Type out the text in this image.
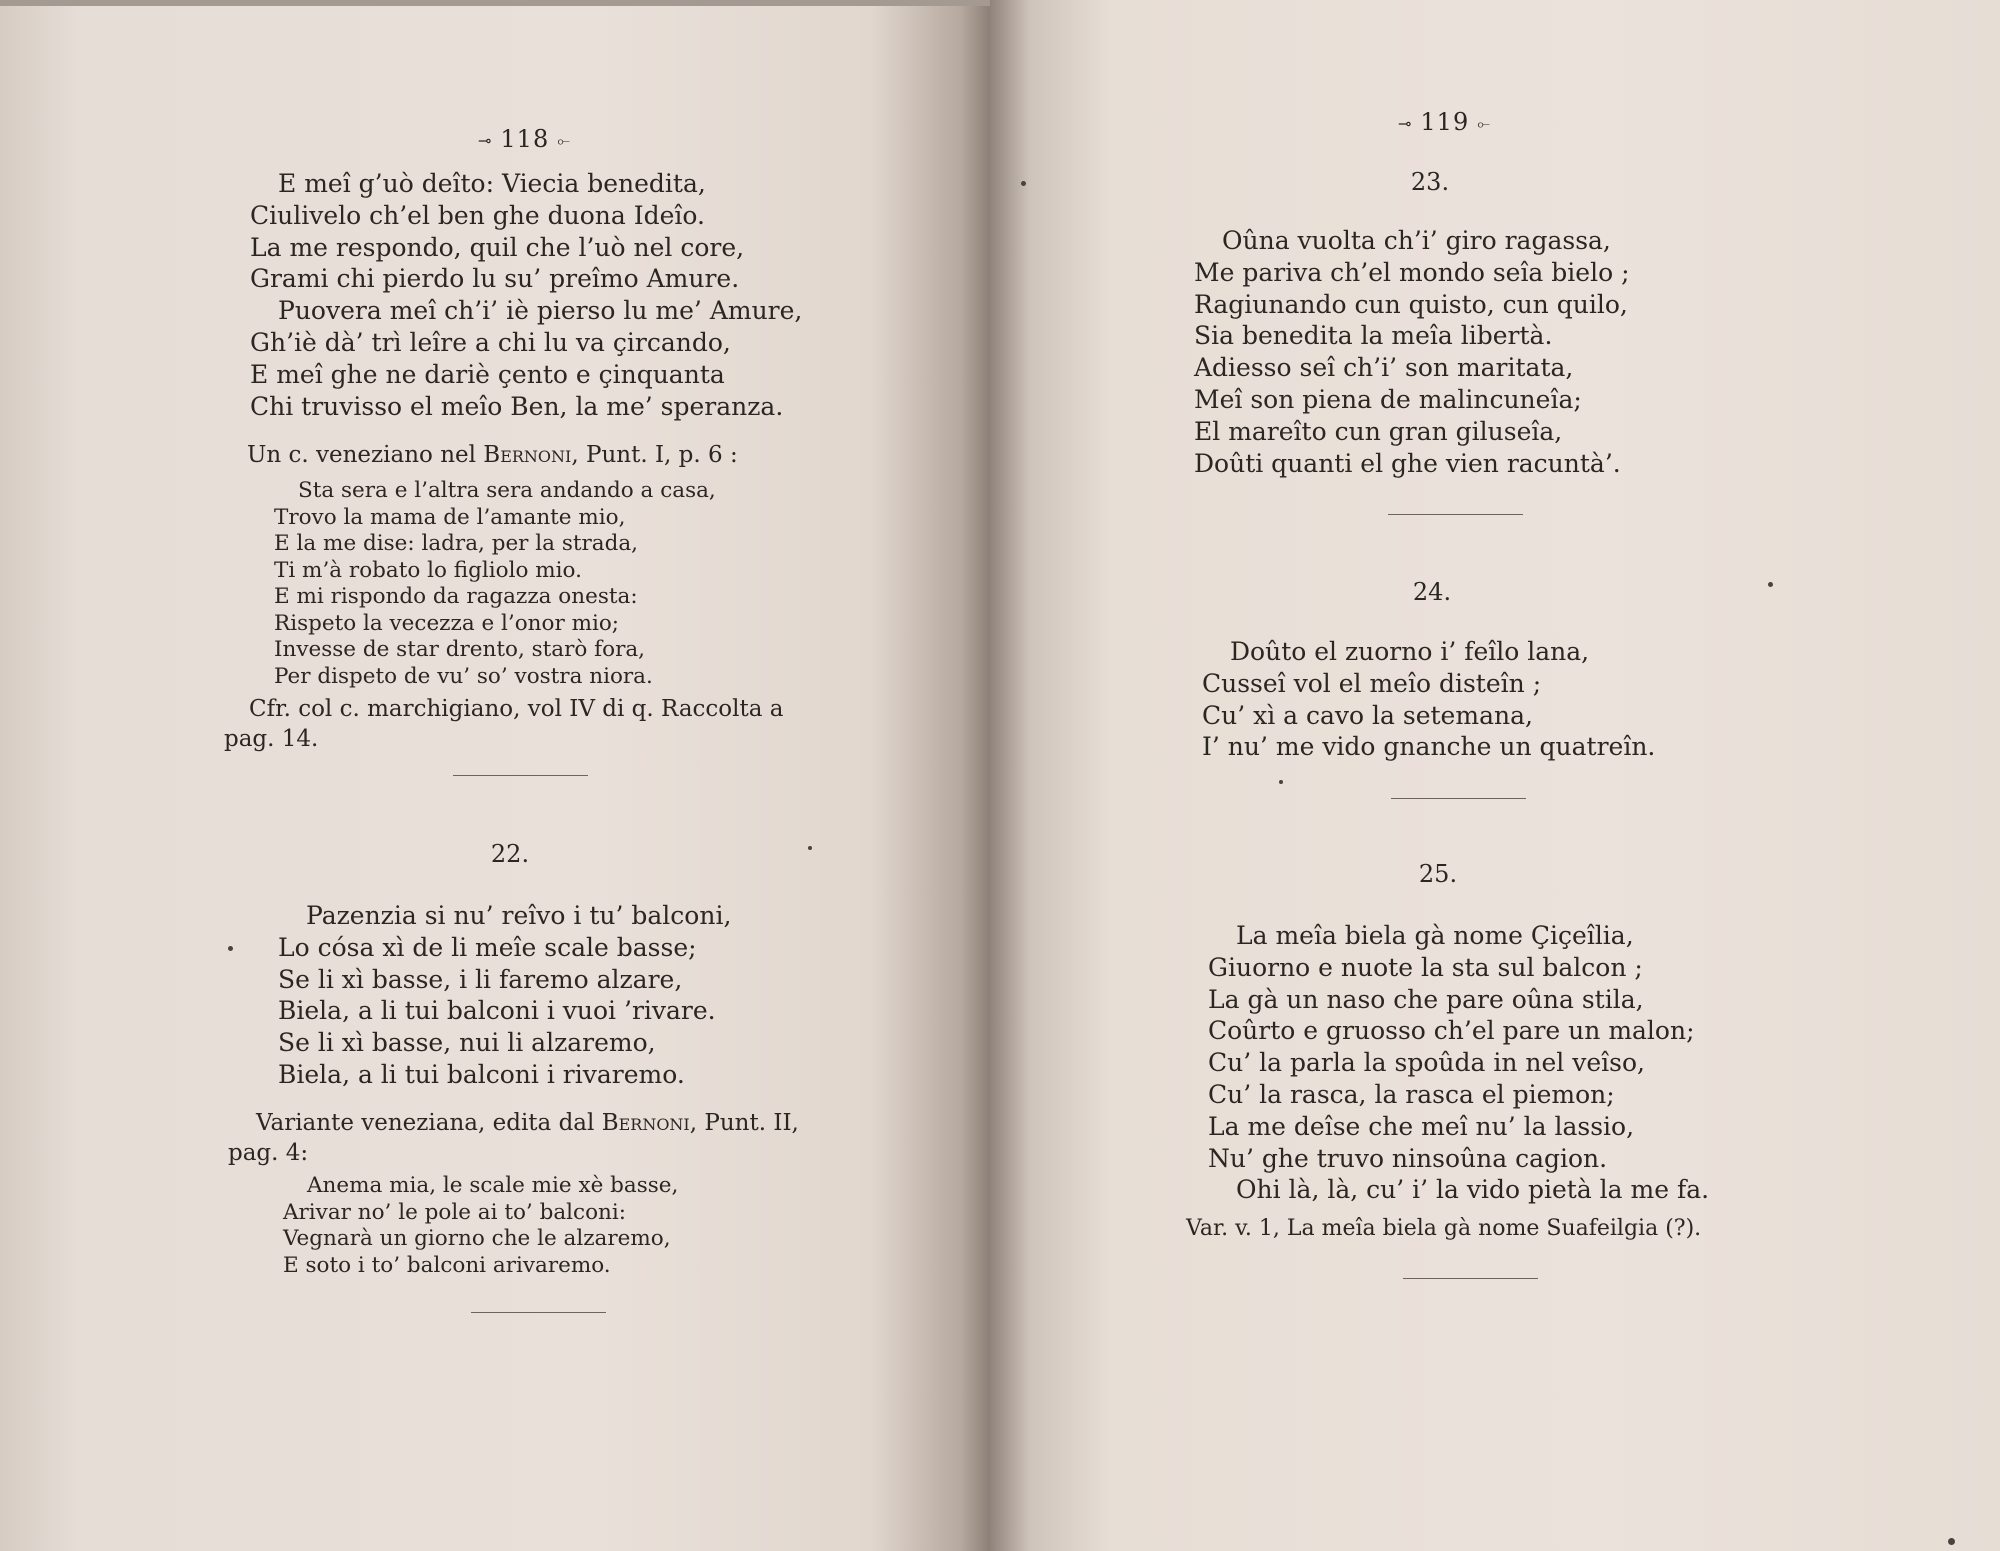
⊸ 118 ⟜
E meî g’uò deîto: Viecia benedita,
Ciulivelo ch’el ben ghe duona Ideîo.
La me respondo, quil che l’uò nel core,
Grami chi pierdo lu su’ preîmo Amure.
Puovera meî ch’i’ iè pierso lu me’ Amure,
Gh’iè dà’ trì leîre a chi lu va çircando,
E meî ghe ne dariè çento e çinquanta
Chi truvisso el meîo Ben, la me’ speranza.
Un c. veneziano nel Bernoni, Punt. I, p. 6 :
Sta sera e l’altra sera andando a casa,
Trovo la mama de l’amante mio,
E la me dise: ladra, per la strada,
Ti m’à robato lo figliolo mio.
E mi rispondo da ragazza onesta:
Rispeto la vecezza e l’onor mio;
Invesse de star drento, starò fora,
Per dispeto de vu’ so’ vostra niora.
Cfr. col c. marchigiano, vol IV di q. Raccolta a
pag. 14.
22.
Pazenzia si nu’ reîvo i tu’ balconi,
Lo cósa xì de li meîe scale basse;
Se li xì basse, i li faremo alzare,
Biela, a li tui balconi i vuoi ’rivare.
Se li xì basse, nui li alzaremo,
Biela, a li tui balconi i rivaremo.
Variante veneziana, edita dal Bernoni, Punt. II,
pag. 4:
Anema mia, le scale mie xè basse,
Arivar no’ le pole ai to’ balconi:
Vegnarà un giorno che le alzaremo,
E soto i to’ balconi arivaremo.
⊸ 119 ⟜
23.
Oûna vuolta ch’i’ giro ragassa,
Me pariva ch’el mondo seîa bielo ;
Ragiunando cun quisto, cun quilo,
Sia benedita la meîa libertà.
Adiesso seî ch’i’ son maritata,
Meî son piena de malincuneîa;
El mareîto cun gran giluseîa,
Doûti quanti el ghe vien racuntà’.
24.
Doûto el zuorno i’ feîlo lana,
Cusseî vol el meîo disteîn ;
Cu’ xì a cavo la setemana,
I’ nu’ me vido gnanche un quatreîn.
25.
La meîa biela gà nome Çiçeîlia,
Giuorno e nuote la sta sul balcon ;
La gà un naso che pare oûna stila,
Coûrto e gruosso ch’el pare un malon;
Cu’ la parla la spoûda in nel veîso,
Cu’ la rasca, la rasca el piemon;
La me deîse che meî nu’ la lassio,
Nu’ ghe truvo ninsoûna cagion.
Ohi là, là, cu’ i’ la vido pietà la me fa.
Var. v. 1, La meîa biela gà nome Suafeilgia (?).
